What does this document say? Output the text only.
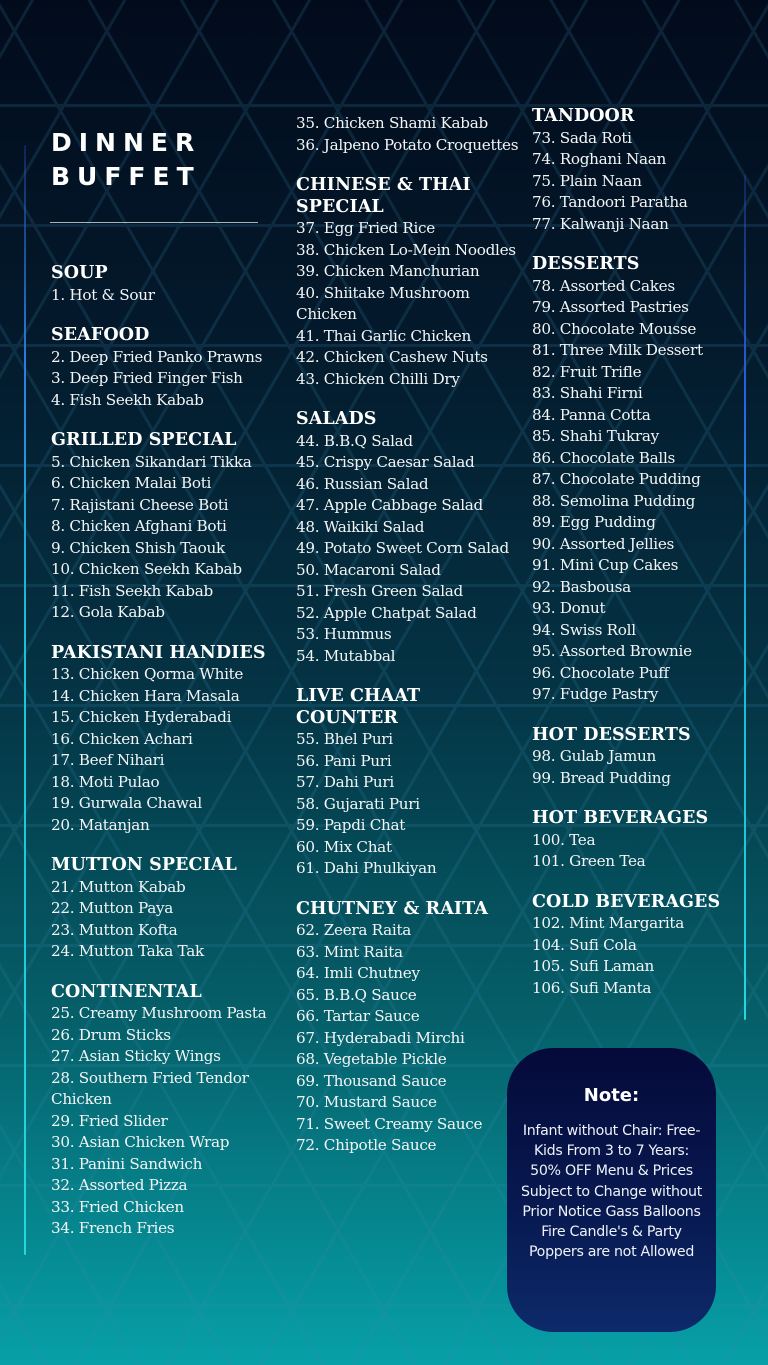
DINNER
BUFFET
SOUP
1. Hot & Sour
SEAFOOD
2. Deep Fried Panko Prawns
3. Deep Fried Finger Fish
4. Fish Seekh Kabab
GRILLED SPECIAL
5. Chicken Sikandari Tikka
6. Chicken Malai Boti
7. Rajistani Cheese Boti
8. Chicken Afghani Boti
9. Chicken Shish Taouk
10. Chicken Seekh Kabab
11. Fish Seekh Kabab
12. Gola Kabab
PAKISTANI HANDIES
13. Chicken Qorma White
14. Chicken Hara Masala
15. Chicken Hyderabadi
16. Chicken Achari
17. Beef Nihari
18. Moti Pulao
19. Gurwala Chawal
20. Matanjan
MUTTON SPECIAL
21. Mutton Kabab
22. Mutton Paya
23. Mutton Kofta
24. Mutton Taka Tak
CONTINENTAL
25. Creamy Mushroom Pasta
26. Drum Sticks
27. Asian Sticky Wings
28. Southern Fried Tendor Chicken
29. Fried Slider
30. Asian Chicken Wrap
31. Panini Sandwich
32. Assorted Pizza
33. Fried Chicken
34. French Fries
35. Chicken Shami Kabab
36. Jalpeno Potato Croquettes
CHINESE & THAI SPECIAL
37. Egg Fried Rice
38. Chicken Lo-Mein Noodles
39. Chicken Manchurian
40. Shiitake Mushroom Chicken
41. Thai Garlic Chicken
42. Chicken Cashew Nuts
43. Chicken Chilli Dry
SALADS
44. B.B.Q Salad
45. Crispy Caesar Salad
46. Russian Salad
47. Apple Cabbage Salad
48. Waikiki Salad
49. Potato Sweet Corn Salad
50. Macaroni Salad
51. Fresh Green Salad
52. Apple Chatpat Salad
53. Hummus
54. Mutabbal
LIVE CHAAT COUNTER
55. Bhel Puri
56. Pani Puri
57. Dahi Puri
58. Gujarati Puri
59. Papdi Chat
60. Mix Chat
61. Dahi Phulkiyan
CHUTNEY & RAITA
62. Zeera Raita
63. Mint Raita
64. Imli Chutney
65. B.B.Q Sauce
66. Tartar Sauce
67. Hyderabadi Mirchi
68. Vegetable Pickle
69. Thousand Sauce
70. Mustard Sauce
71. Sweet Creamy Sauce
72. Chipotle Sauce
TANDOOR
73. Sada Roti
74. Roghani Naan
75. Plain Naan
76. Tandoori Paratha
77. Kalwanji Naan
DESSERTS
78. Assorted Cakes
79. Assorted Pastries
80. Chocolate Mousse
81. Three Milk Dessert
82. Fruit Trifle
83. Shahi Firni
84. Panna Cotta
85. Shahi Tukray
86. Chocolate Balls
87. Chocolate Pudding
88. Semolina Pudding
89. Egg Pudding
90. Assorted Jellies
91. Mini Cup Cakes
92. Basbousa
93. Donut
94. Swiss Roll
95. Assorted Brownie
96. Chocolate Puff
97. Fudge Pastry
HOT DESSERTS
98. Gulab Jamun
99. Bread Pudding
HOT BEVERAGES
100. Tea
101. Green Tea
COLD BEVERAGES
102. Mint Margarita
104. Sufi Cola
105. Sufi Laman
106. Sufi Manta
Note:
Infant without Chair: Free-Kids From 3 to 7 Years: 50% OFF Menu & Prices Subject to Change without Prior Notice Gass Balloons Fire Candle's & Party Poppers are not Allowed
